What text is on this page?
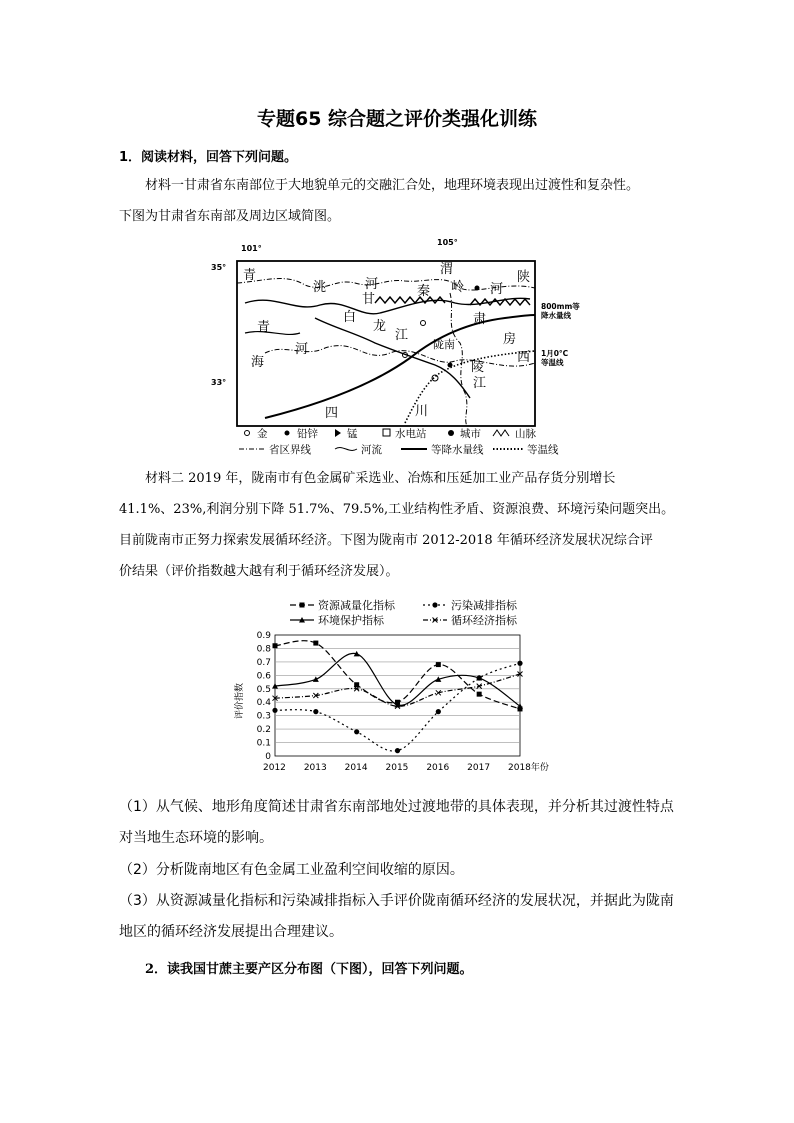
专题65 综合题之评价类强化训练
1．阅读材料，回答下列问题。

材料一甘肃省东南部位于大地貌单元的交融汇合处，地理环境表现出过渡性和复杂性。
下图为甘肃省东南部及周边区域简图。

101°
105°
35°
33°
青
洮	河
渭
河
陕
甘
秦 岭
青
白
龙
江
肃
海
河	陇南	房
西
陵
江
四	川
800mm等降水量线
1月0°C 等温线
金	铅锌	锰	水电站	城市	山脉
省区界线	河流	等降水量线	等温线

材料二 2019 年，陇南市有色金属矿采选业、冶炼和压延加工业产品存货分别增长
41.1%、23%,利润分别下降 51.7%、79.5%,工业结构性矛盾、资源浪费、环境污染问题突出。
目前陇南市正努力探索发展循环经济。下图为陇南市 2012-2018 年循环经济发展状况综合评
价结果（评价指数越大越有利于循环经济发展）。

资源减量化指标	污染减排指标
环境保护指标	循环经济指标
0
0.1
0.2
0.3
0.4
0.5
0.6
0.7
0.8
0.9
2012 2013 2014 2015 2016 2017 2018年份
评价指数

（1）从气候、地形角度简述甘肃省东南部地处过渡地带的具体表现，并分析其过渡性特点
对当地生态环境的影响。

（2）分析陇南地区有色金属工业盈利空间收缩的原因。

（3）从资源减量化指标和污染减排指标入手评价陇南循环经济的发展状况，并据此为陇南
地区的循环经济发展提出合理建议。

2．读我国甘蔗主要产区分布图（下图），回答下列问题。
